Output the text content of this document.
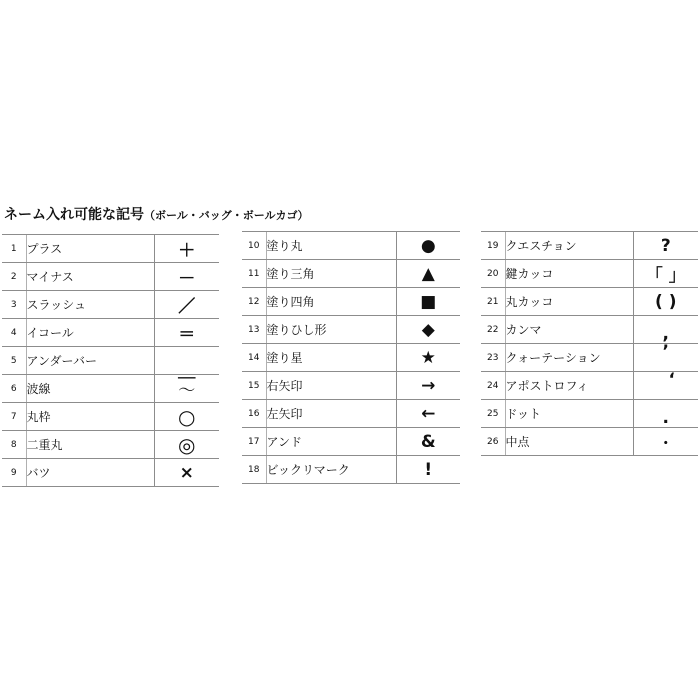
ネーム入れ可能な記号（ボール・バッグ・ボールカゴ）
1	プラス	＋
2	マイナス	－
3	スラッシュ	／
4	イコール	＝
5	アンダーバー	＿
6	波線	〜
7	丸枠	○
8	二重丸	◎
9	バツ	×
10	塗り丸	●
11	塗り三角	▲
12	塗り四角	■
13	塗りひし形	◆
14	塗り星	★
15	右矢印	→
16	左矢印	←
17	アンド	&
18	ビックリマーク	!
19	クエスチョン	?
20	鍵カッコ	「 」
21	丸カッコ	( )
22	カンマ	,
23	クォーテーション	’
24	アポストロフィ	‘
25	ドット	.
26	中点	・
